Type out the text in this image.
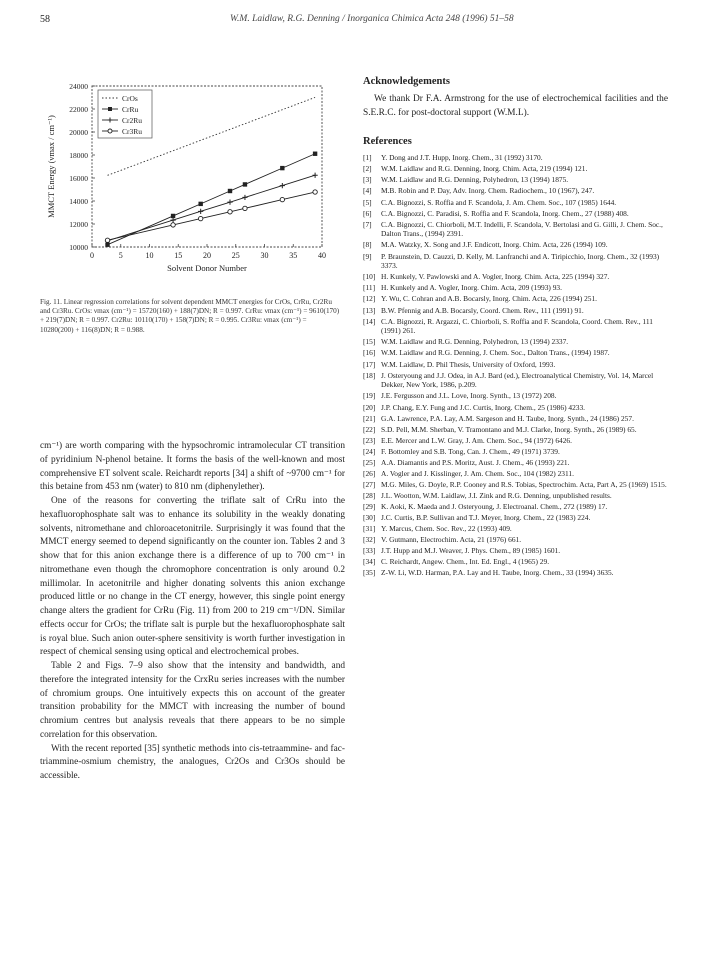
58	W.M. Laidlaw, R.G. Denning / Inorganica Chimica Acta 248 (1996) 51–58
0	5	10	15	20	25	30	35	40
10000
12000
14000
16000
18000
20000
22000
24000
Solvent Donor Number
MMCT Energy (νmax / cm⁻¹)
CrOs
CrRu
Cr2Ru
Cr3Ru
Fig. 11. Linear regression correlations for solvent dependent MMCT energies for CrOs, CrRu, Cr2Ru and Cr3Ru. CrOs: νmax (cm⁻¹) = 15720(160) + 188(7)DN; R = 0.997. CrRu: νmax (cm⁻¹) = 9610(170) + 219(7)DN; R = 0.997. Cr2Ru: 10110(170) + 158(7)DN; R = 0.995. Cr3Ru: νmax (cm⁻¹) = 10280(200) + 116(8)DN; R = 0.988.

cm⁻¹) are worth comparing with the hypsochromic intramolecular CT transition of pyridinium N-phenol betaine. It forms the basis of the well-known and most comprehensive ET solvent scale. Reichardt reports [34] a shift of ~9700 cm⁻¹ for this betaine from 453 nm (water) to 810 nm (diphenylether).

One of the reasons for converting the triflate salt of CrRu into the hexafluorophosphate salt was to enhance its solubility in the weakly donating solvents, nitromethane and chloroacetonitrile. Surprisingly it was found that the MMCT energy seemed to depend significantly on the counter ion. Tables 2 and 3 show that for this anion exchange there is a difference of up to 700 cm⁻¹ in nitromethane even though the chromophore concentration is only around 0.2 millimolar. In acetonitrile and higher donating solvents this anion exchange produced little or no change in the CT energy, however, this single point energy change alters the gradient for CrRu (Fig. 11) from 200 to 219 cm⁻¹/DN. Similar effects occur for CrOs; the triflate salt is purple but the hexafluorophosphate salt is royal blue. Such anion outer-sphere sensitivity is worth further investigation in respect of chemical sensing using optical and electrochemical probes.

Table 2 and Figs. 7–9 also show that the intensity and bandwidth, and therefore the integrated intensity for the CrxRu series increases with the number of chromium groups. One intuitively expects this on account of the greater transition probability for the MMCT with increasing the number of bound chromium centres but analysis reveals that there appears to be no simple correlation for this observation.

With the recent reported [35] synthetic methods into cis-tetraammine- and fac-triammine-osmium chemistry, the analogues, Cr2Os and Cr3Os should be accessible.

Acknowledgements

We thank Dr F.A. Armstrong for the use of electrochemical facilities and the S.E.R.C. for post-doctoral support (W.M.L).

References
[1]	Y. Dong and J.T. Hupp, Inorg. Chem., 31 (1992) 3170.
[2]	W.M. Laidlaw and R.G. Denning, Inorg. Chim. Acta, 219 (1994) 121.
[3]	W.M. Laidlaw and R.G. Denning, Polyhedron, 13 (1994) 1875.
[4]	M.B. Robin and P. Day, Adv. Inorg. Chem. Radiochem., 10 (1967), 247.
[5]	C.A. Bignozzi, S. Roffia and F. Scandola, J. Am. Chem. Soc., 107 (1985) 1644.
[6]	C.A. Bignozzi, C. Paradisi, S. Roffia and F. Scandola, Inorg. Chem., 27 (1988) 408.
[7]	C.A. Bignozzi, C. Chiorboli, M.T. Indelli, F. Scandola, V. Bertolasi and G. Gilli, J. Chem. Soc., Dalton Trans., (1994) 2391.
[8]	M.A. Watzky, X. Song and J.F. Endicott, Inorg. Chim. Acta, 226 (1994) 109.
[9]	P. Braunstein, D. Cauzzi, D. Kelly, M. Lanfranchi and A. Tiripicchio, Inorg. Chem., 32 (1993) 3373.
[10] H. Kunkely, V. Pawlowski and A. Vogler, Inorg. Chim. Acta, 225 (1994) 327.
[11] H. Kunkely and A. Vogler, Inorg. Chim. Acta, 209 (1993) 93.
[12] Y. Wu, C. Cohran and A.B. Bocarsly, Inorg. Chim. Acta, 226 (1994) 251.
[13] B.W. Pfennig and A.B. Bocarsly, Coord. Chem. Rev., 111 (1991) 91.
[14] C.A. Bignozzi, R. Argazzi, C. Chiorboli, S. Roffia and F. Scandola, Coord. Chem. Rev., 111 (1991) 261.
[15] W.M. Laidlaw and R.G. Denning, Polyhedron, 13 (1994) 2337.
[16] W.M. Laidlaw and R.G. Denning, J. Chem. Soc., Dalton Trans., (1994) 1987.
[17] W.M. Laidlaw, D. Phil Thesis, University of Oxford, 1993.
[18] J. Osteryoung and J.J. Odea, in A.J. Bard (ed.), Electroanalytical Chemistry, Vol. 14, Marcel Dekker, New York, 1986, p.209.
[19] J.E. Fergusson and J.L. Love, Inorg. Synth., 13 (1972) 208.
[20] J.P. Chang, E.Y. Fung and J.C. Curtis, Inorg. Chem., 25 (1986) 4233.
[21] G.A. Lawrence, P.A. Lay, A.M. Sargeson and H. Taube, Inorg. Synth., 24 (1986) 257.
[22] S.D. Pell, M.M. Sherban, V. Tramontano and M.J. Clarke, Inorg. Synth., 26 (1989) 65.
[23] E.E. Mercer and L.W. Gray, J. Am. Chem. Soc., 94 (1972) 6426.
[24] F. Bottomley and S.B. Tong, Can. J. Chem., 49 (1971) 3739.
[25] A.A. Diamantis and P.S. Moritz, Aust. J. Chem., 46 (1993) 221.
[26] A. Vogler and J. Kisslinger, J. Am. Chem. Soc., 104 (1982) 2311.
[27] M.G. Miles, G. Doyle, R.P. Cooney and R.S. Tobias, Spectrochim. Acta, Part A, 25 (1969) 1515.
[28] J.L. Wootton, W.M. Laidlaw, J.I. Zink and R.G. Denning, unpublished results.
[29] K. Aoki, K. Maeda and J. Osteryoung, J. Electroanal. Chem., 272 (1989) 17.
[30] J.C. Curtis, B.P. Sullivan and T.J. Meyer, Inorg. Chem., 22 (1983) 224.
[31] Y. Marcus, Chem. Soc. Rev., 22 (1993) 409.
[32] V. Gutmann, Electrochim. Acta, 21 (1976) 661.
[33] J.T. Hupp and M.J. Weaver, J. Phys. Chem., 89 (1985) 1601.
[34] C. Reichardt, Angew. Chem., Int. Ed. Engl., 4 (1965) 29.
[35] Z-W. Li, W.D. Harman, P.A. Lay and H. Taube, Inorg. Chem., 33 (1994) 3635.
